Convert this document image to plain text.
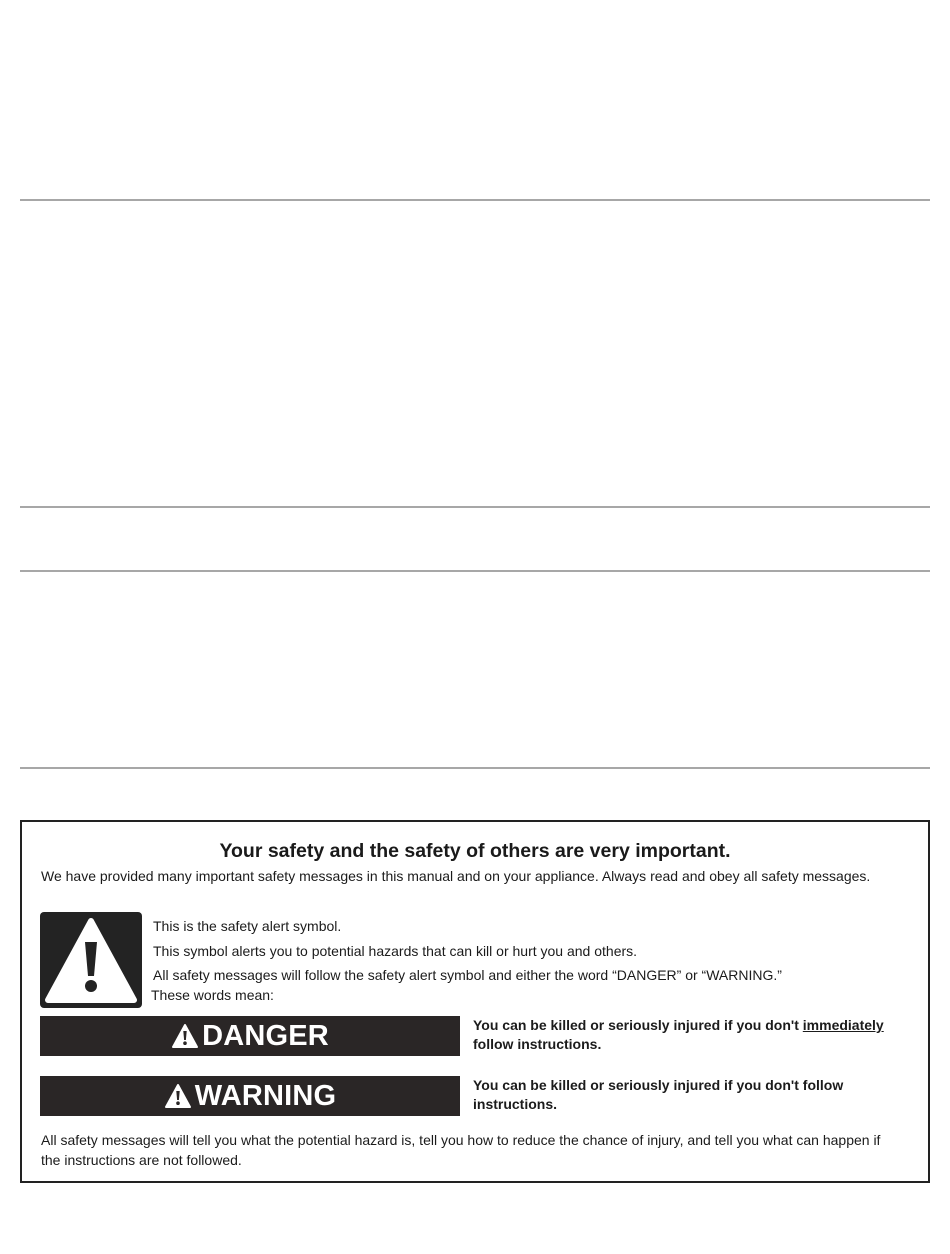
Your safety and the safety of others are very important.
We have provided many important safety messages in this manual and on your appliance. Always read and obey all safety messages.
This is the safety alert symbol.
This symbol alerts you to potential hazards that can kill or hurt you and others.
All safety messages will follow the safety alert symbol and either the word “DANGER” or “WARNING.”
These words mean:
DANGER	You can be killed or seriously injured if you don't immediately follow instructions.
WARNING	You can be killed or seriously injured if you don't follow instructions.
All safety messages will tell you what the potential hazard is, tell you how to reduce the chance of injury, and tell you what can happen if the instructions are not followed.
